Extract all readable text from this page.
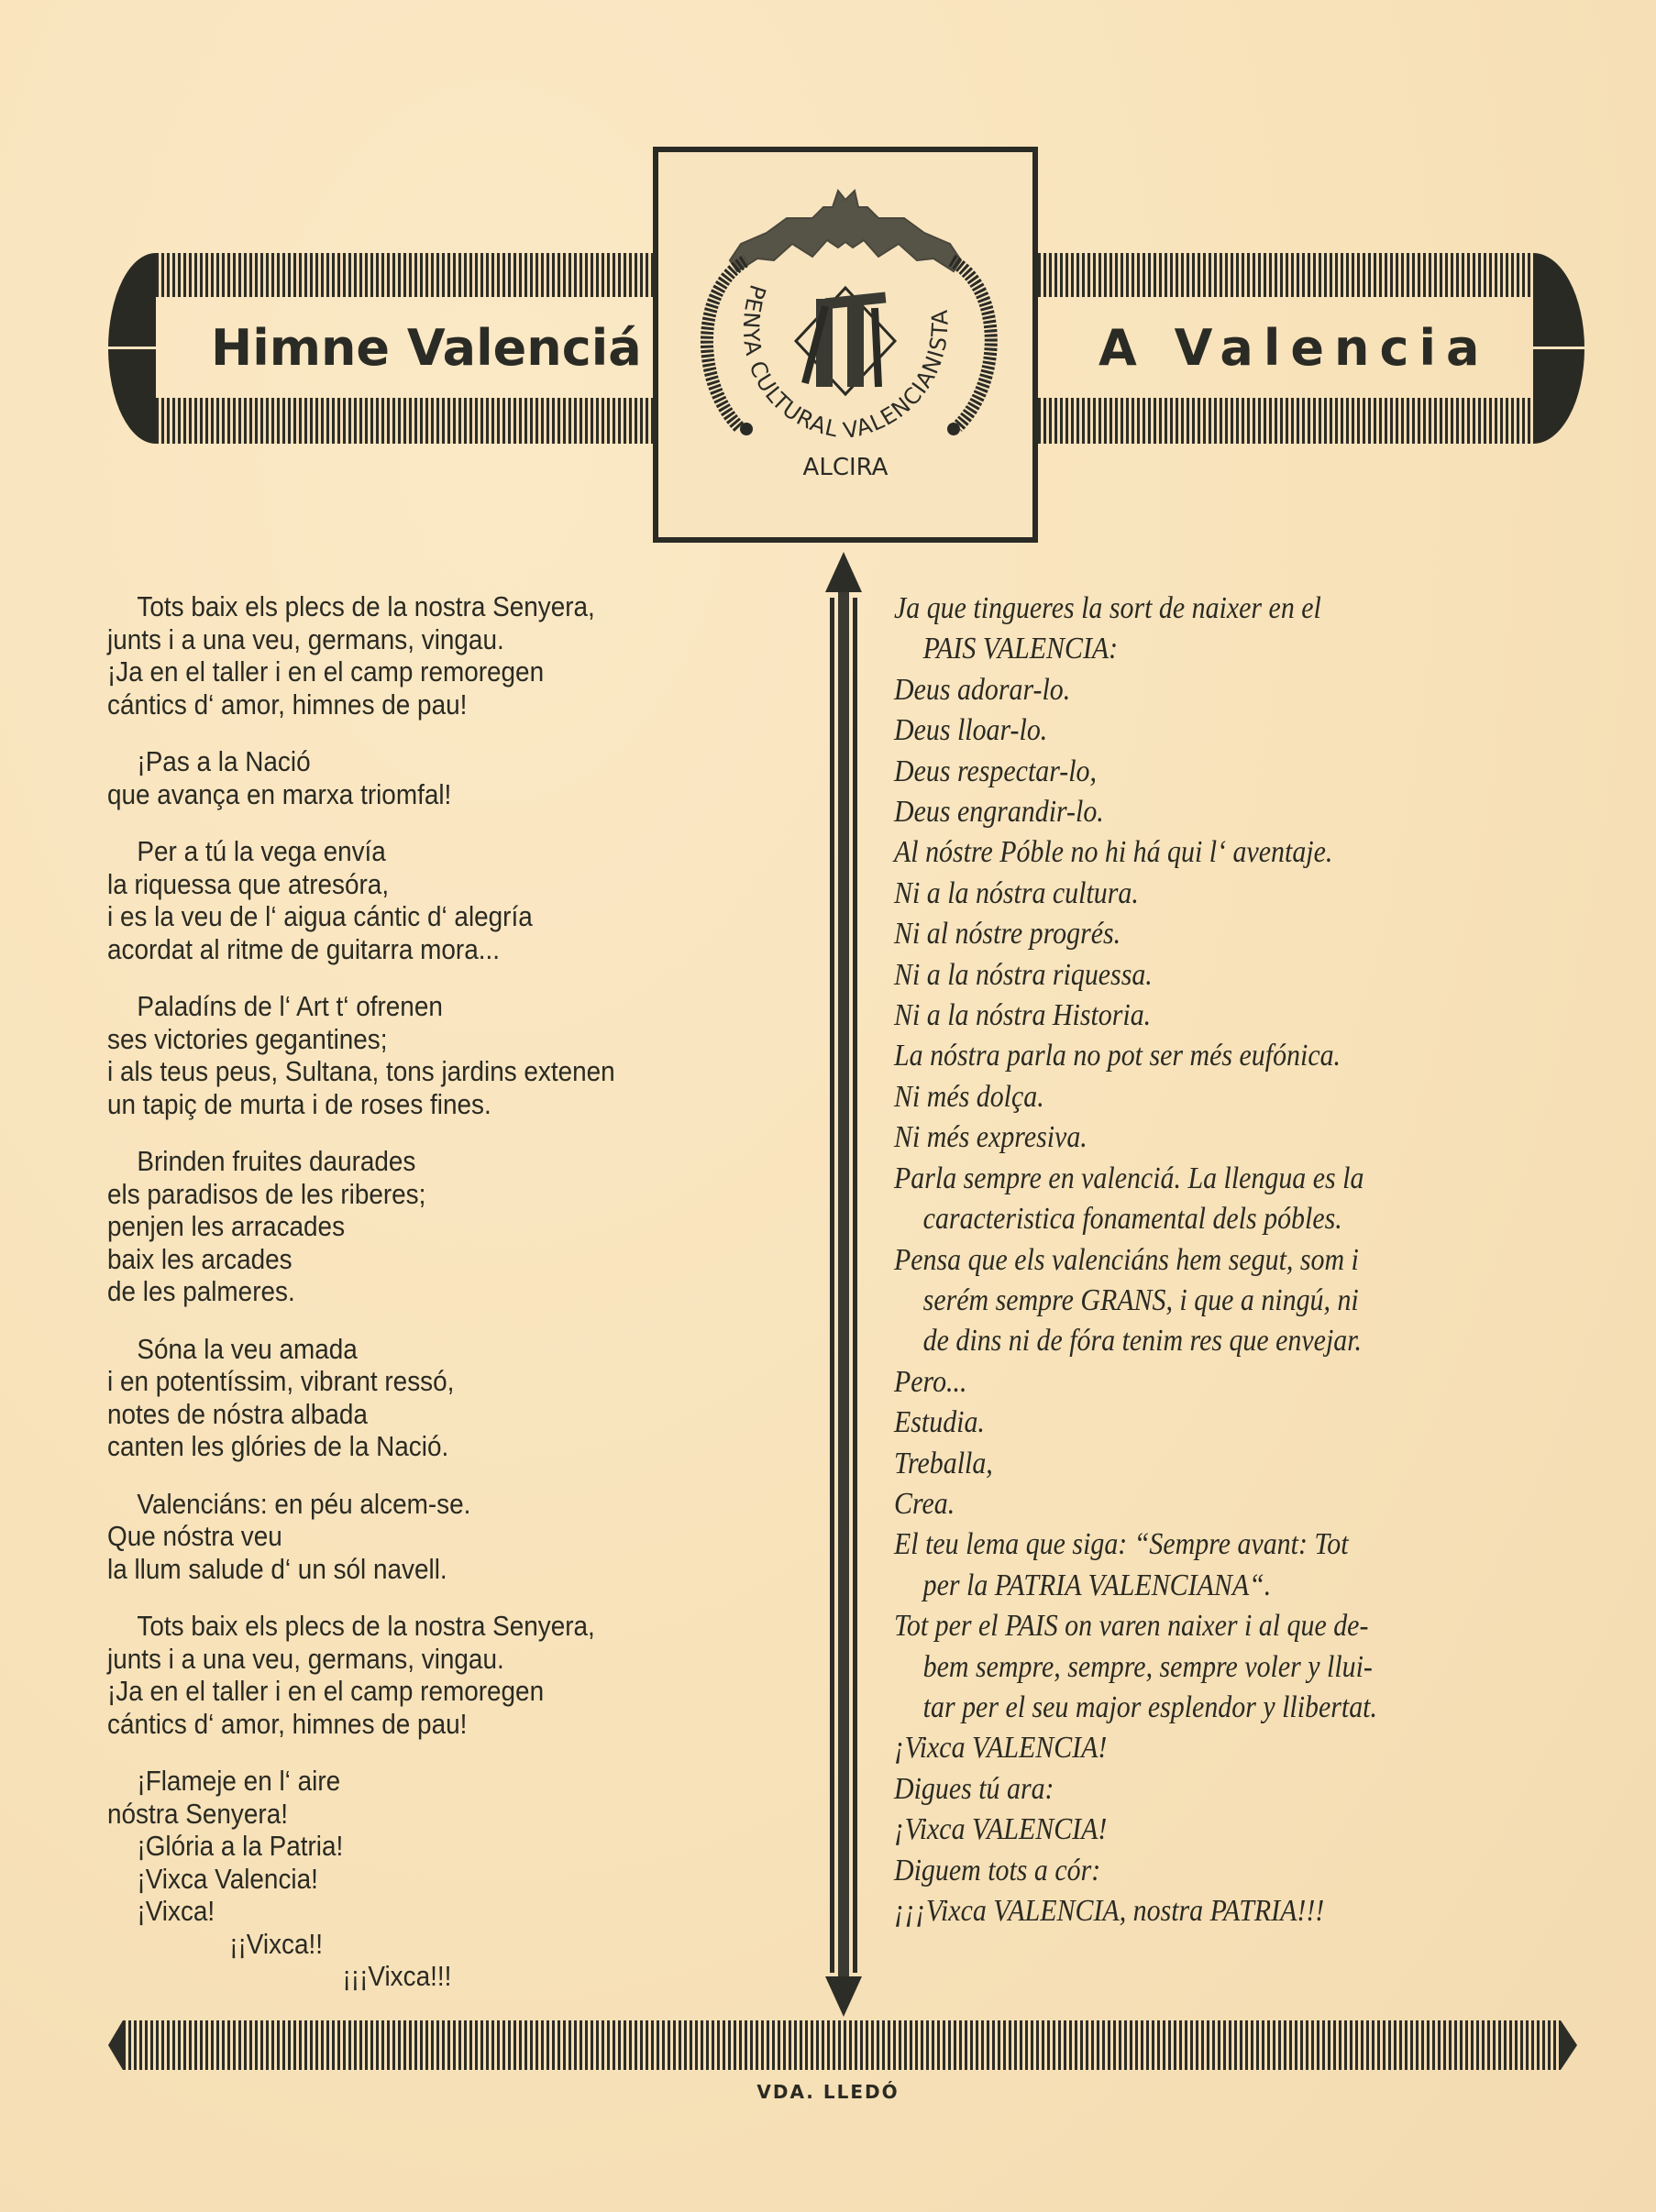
Himne Valenciá	A Valencia
PENYA CULTURAL VALENCIANISTA
ALCIRA
Tots baix els plecs de la nostra Senyera,
junts i a una veu, germans, vingau.
¡Ja en el taller i en el camp remoregen
cántics d‘ amor, himnes de pau!
¡Pas a la Nació
que avança en marxa triomfal!
Per a tú la vega envía
la riquessa que atresóra,
i es la veu de l‘ aigua cántic d‘ alegría
acordat al ritme de guitarra mora...
Paladíns de l‘ Art t‘ ofrenen
ses victories gegantines;
i als teus peus, Sultana, tons jardins extenen
un tapiç de murta i de roses fines.
Brinden fruites daurades
els paradisos de les riberes;
penjen les arracades
baix les arcades
de les palmeres.
Sóna la veu amada
i en potentíssim, vibrant ressó,
notes de nóstra albada
canten les glóries de la Nació.
Valenciáns: en péu alcem-se.
Que nóstra veu
la llum salude d‘ un sól navell.
Tots baix els plecs de la nostra Senyera,
junts i a una veu, germans, vingau.
¡Ja en el taller i en el camp remoregen
cántics d‘ amor, himnes de pau!
¡Flameje en l‘ aire
nóstra Senyera!
¡Glória a la Patria!
¡Vixca Valencia!
¡Vixca!
¡¡Vixca!!
¡¡¡Vixca!!!
Ja que tingueres la sort de naixer en el
PAIS VALENCIA:
Deus adorar-lo.
Deus lloar-lo.
Deus respectar-lo,
Deus engrandir-lo.
Al nóstre Póble no hi há qui l‘ aventaje.
Ni a la nóstra cultura.
Ni al nóstre progrés.
Ni a la nóstra riquessa.
Ni a la nóstra Historia.
La nóstra parla no pot ser més eufónica.
Ni més dolça.
Ni més expresiva.
Parla sempre en valenciá. La llengua es la
caracteristica fonamental dels póbles.
Pensa que els valenciáns hem segut, som i
serém sempre GRANS, i que a ningú, ni
de dins ni de fóra tenim res que envejar.
Pero...
Estudia.
Treballa,
Crea.
El teu lema que siga: “Sempre avant: Tot
per la PATRIA VALENCIANA“.
Tot per el PAIS on varen naixer i al que de-
bem sempre, sempre, sempre voler y llui-
tar per el seu major esplendor y llibertat.
¡Vixca VALENCIA!
Digues tú ara:
¡Vixca VALENCIA!
Diguem tots a cór:
¡¡¡Vixca VALENCIA, nostra PATRIA!!!
VDA. LLEDÓ
